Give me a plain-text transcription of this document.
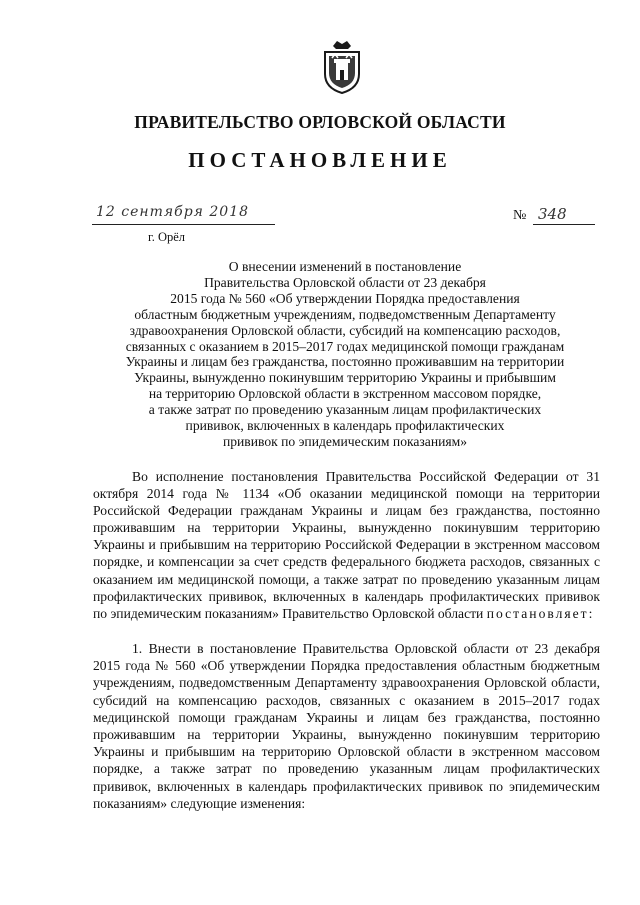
ПРАВИТЕЛЬСТВО ОРЛОВСКОЙ ОБЛАСТИ
ПОСТАНОВЛЕНИЕ
12 сентября 2018
г. Орёл
№ 348
О внесении изменений в постановление
Правительства Орловской области от 23 декабря
2015 года № 560 «Об утверждении Порядка предоставления
областным бюджетным учреждениям, подведомственным Департаменту
здравоохранения Орловской области, субсидий на компенсацию расходов,
связанных с оказанием в 2015–2017 годах медицинской помощи гражданам
Украины и лицам без гражданства, постоянно проживавшим на территории
Украины, вынужденно покинувшим территорию Украины и прибывшим
на территорию Орловской области в экстренном массовом порядке,
а также затрат по проведению указанным лицам профилактических
прививок, включенных в календарь профилактических
прививок по эпидемическим показаниям»
Во исполнение постановления Правительства Российской Федерации от 31 октября 2014 года № 1134 «Об оказании медицинской помощи на территории Российской Федерации гражданам Украины и лицам без гражданства, постоянно проживавшим на территории Украины, вынужденно покинувшим территорию Украины и прибывшим на территорию Российской Федерации в экстренном массовом порядке, и компенсации за счет средств федерального бюджета расходов, связанных с оказанием им медицинской помощи, а также затрат по проведению указанным лицам профилактических прививок, включенных в календарь профилактических прививок по эпидемическим показаниям» Правительство Орловской области постановляет:
1. Внести в постановление Правительства Орловской области от 23 декабря 2015 года № 560 «Об утверждении Порядка предоставления областным бюджетным учреждениям, подведомственным Департаменту здравоохранения Орловской области, субсидий на компенсацию расходов, связанных с оказанием в 2015–2017 годах медицинской помощи гражданам Украины и лицам без гражданства, постоянно проживавшим на территории Украины, вынужденно покинувшим территорию Украины и прибывшим на территорию Орловской области в экстренном массовом порядке, а также затрат по проведению указанным лицам профилактических прививок, включенных в календарь профилактических прививок по эпидемическим показаниям» следующие изменения:
